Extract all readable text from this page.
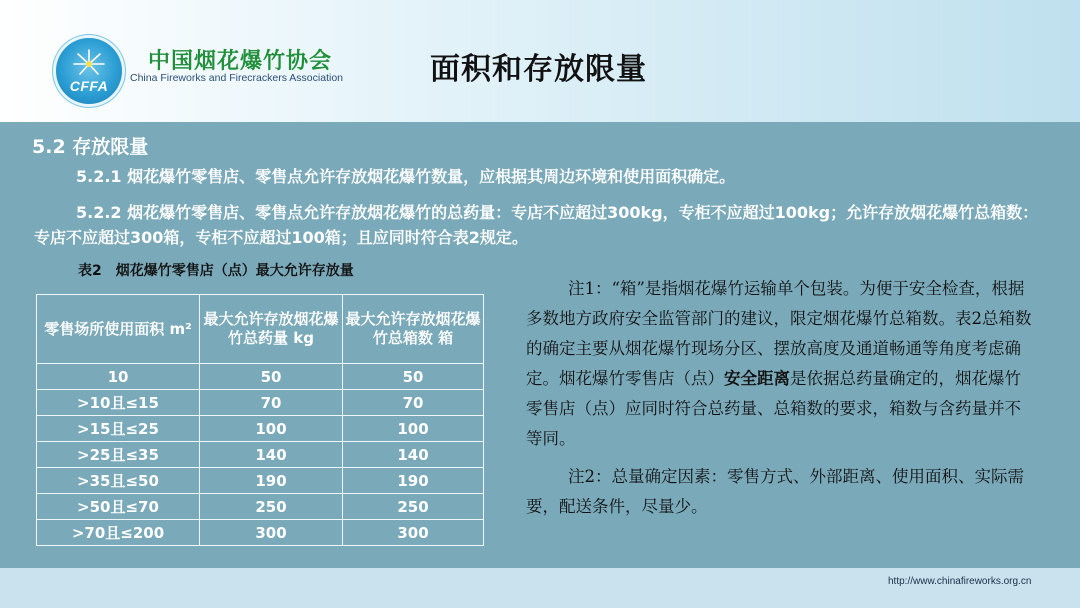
CFFA
中国烟花爆竹协会
China Fireworks and Firecrackers Association	面积和存放限量
5.2 存放限量
5.2.1 烟花爆竹零售店、零售点允许存放烟花爆竹数量，应根据其周边环境和使用面积确定。
5.2.2 烟花爆竹零售店、零售点允许存放烟花爆竹的总药量：专店不应超过300kg，专柜不应超过100kg；允许存放烟花爆竹总箱数：专店不应超过300箱，专柜不应超过100箱；且应同时符合表2规定。
表2　烟花爆竹零售店（点）最大允许存放量
零售场所使用面积 m²	最大允许存放烟花爆竹总药量 kg	最大允许存放烟花爆竹总箱数 箱
10	50	50
>10且≤15	70	70
>15且≤25	100	100
>25且≤35	140	140
>35且≤50	190	190
>50且≤70	250	250
>70且≤200	300	300

注1：“箱”是指烟花爆竹运输单个包装。为便于安全检查，根据多数地方政府安全监管部门的建议，限定烟花爆竹总箱数。表2总箱数的确定主要从烟花爆竹现场分区、摆放高度及通道畅通等角度考虑确定。烟花爆竹零售店（点）安全距离是依据总药量确定的，烟花爆竹零售店（点）应同时符合总药量、总箱数的要求，箱数与含药量并不等同。

注2：总量确定因素：零售方式、外部距离、使用面积、实际需要，配送条件，尽量少。

http://www.chinafireworks.org.cn
